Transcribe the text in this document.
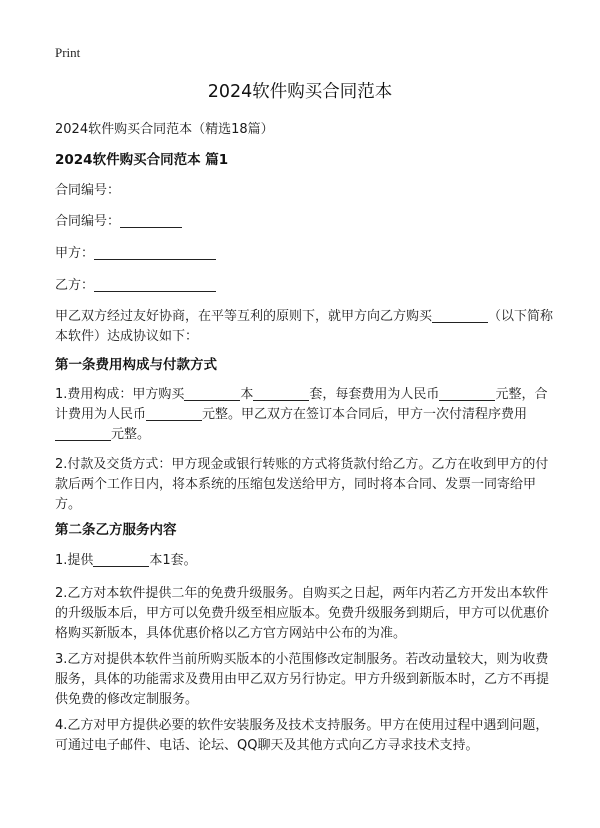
Print
2024软件购买合同范本

2024软件购买合同范本（精选18篇）

2024软件购买合同范本 篇1

合同编号：

合同编号：

甲方：

乙方：

甲乙双方经过友好协商，在平等互利的原则下，就甲方向乙方购买	（以下简称本软件）达成协议如下：

第一条费用构成与付款方式

1.费用构成：甲方购买	本	套，每套费用为人民币	元整，合计费用为人民币	元整。甲乙双方在签订本合同后，甲方一次付清程序费用元整。

2.付款及交货方式：甲方现金或银行转账的方式将货款付给乙方。乙方在收到甲方的付款后两个工作日内，将本系统的压缩包发送给甲方，同时将本合同、发票一同寄给甲方。

第二条乙方服务内容

1.提供	本1套。

2.乙方对本软件提供二年的免费升级服务。自购买之日起，两年内若乙方开发出本软件的升级版本后，甲方可以免费升级至相应版本。免费升级服务到期后，甲方可以优惠价格购买新版本，具体优惠价格以乙方官方网站中公布的为准。

3.乙方对提供本软件当前所购买版本的小范围修改定制服务。若改动量较大，则为收费服务，具体的功能需求及费用由甲乙双方另行协定。甲方升级到新版本时，乙方不再提供免费的修改定制服务。

4.乙方对甲方提供必要的软件安装服务及技术支持服务。甲方在使用过程中遇到问题，可通过电子邮件、电话、论坛、QQ聊天及其他方式向乙方寻求技术支持。
